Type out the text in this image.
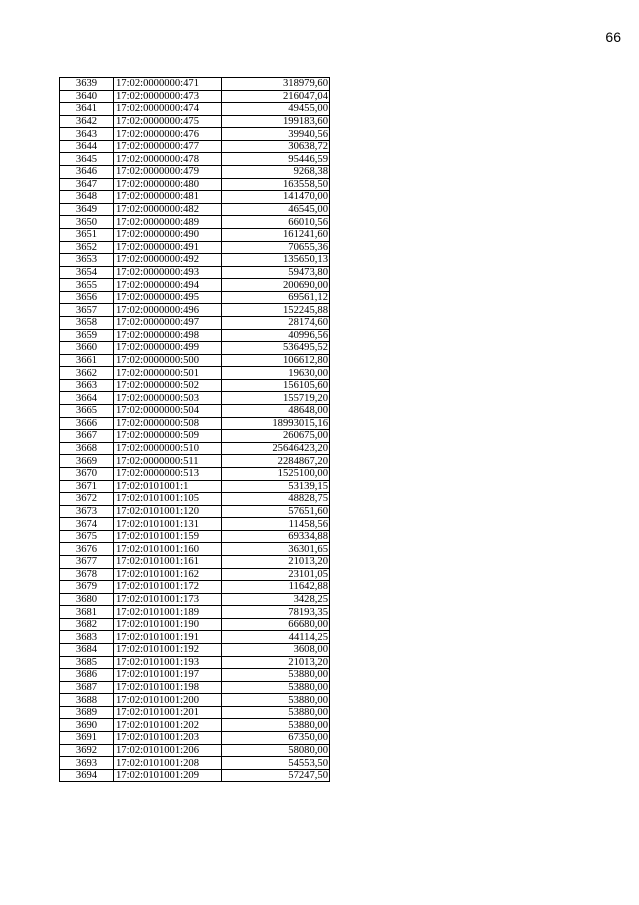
66
3639	17:02:0000000:471	318979,60
3640	17:02:0000000:473	216047,04
3641	17:02:0000000:474	49455,00
3642	17:02:0000000:475	199183,60
3643	17:02:0000000:476	39940,56
3644	17:02:0000000:477	30638,72
3645	17:02:0000000:478	95446,59
3646	17:02:0000000:479	9268,38
3647	17:02:0000000:480	163558,50
3648	17:02:0000000:481	141470,00
3649	17:02:0000000:482	46545,00
3650	17:02:0000000:489	66010,56
3651	17:02:0000000:490	161241,60
3652	17:02:0000000:491	70655,36
3653	17:02:0000000:492	135650,13
3654	17:02:0000000:493	59473,80
3655	17:02:0000000:494	200690,00
3656	17:02:0000000:495	69561,12
3657	17:02:0000000:496	152245,88
3658	17:02:0000000:497	28174,60
3659	17:02:0000000:498	40996,56
3660	17:02:0000000:499	536495,52
3661	17:02:0000000:500	106612,80
3662	17:02:0000000:501	19630,00
3663	17:02:0000000:502	156105,60
3664	17:02:0000000:503	155719,20
3665	17:02:0000000:504	48648,00
3666	17:02:0000000:508	18993015,16
3667	17:02:0000000:509	260675,00
3668	17:02:0000000:510	25646423,20
3669	17:02:0000000:511	2284867,20
3670	17:02:0000000:513	1525100,00
3671	17:02:0101001:1	53139,15
3672	17:02:0101001:105	48828,75
3673	17:02:0101001:120	57651,60
3674	17:02:0101001:131	11458,56
3675	17:02:0101001:159	69334,88
3676	17:02:0101001:160	36301,65
3677	17:02:0101001:161	21013,20
3678	17:02:0101001:162	23101,05
3679	17:02:0101001:172	11642,88
3680	17:02:0101001:173	3428,25
3681	17:02:0101001:189	78193,35
3682	17:02:0101001:190	66680,00
3683	17:02:0101001:191	44114,25
3684	17:02:0101001:192	3608,00
3685	17:02:0101001:193	21013,20
3686	17:02:0101001:197	53880,00
3687	17:02:0101001:198	53880,00
3688	17:02:0101001:200	53880,00
3689	17:02:0101001:201	53880,00
3690	17:02:0101001:202	53880,00
3691	17:02:0101001:203	67350,00
3692	17:02:0101001:206	58080,00
3693	17:02:0101001:208	54553,50
3694	17:02:0101001:209	57247,50
